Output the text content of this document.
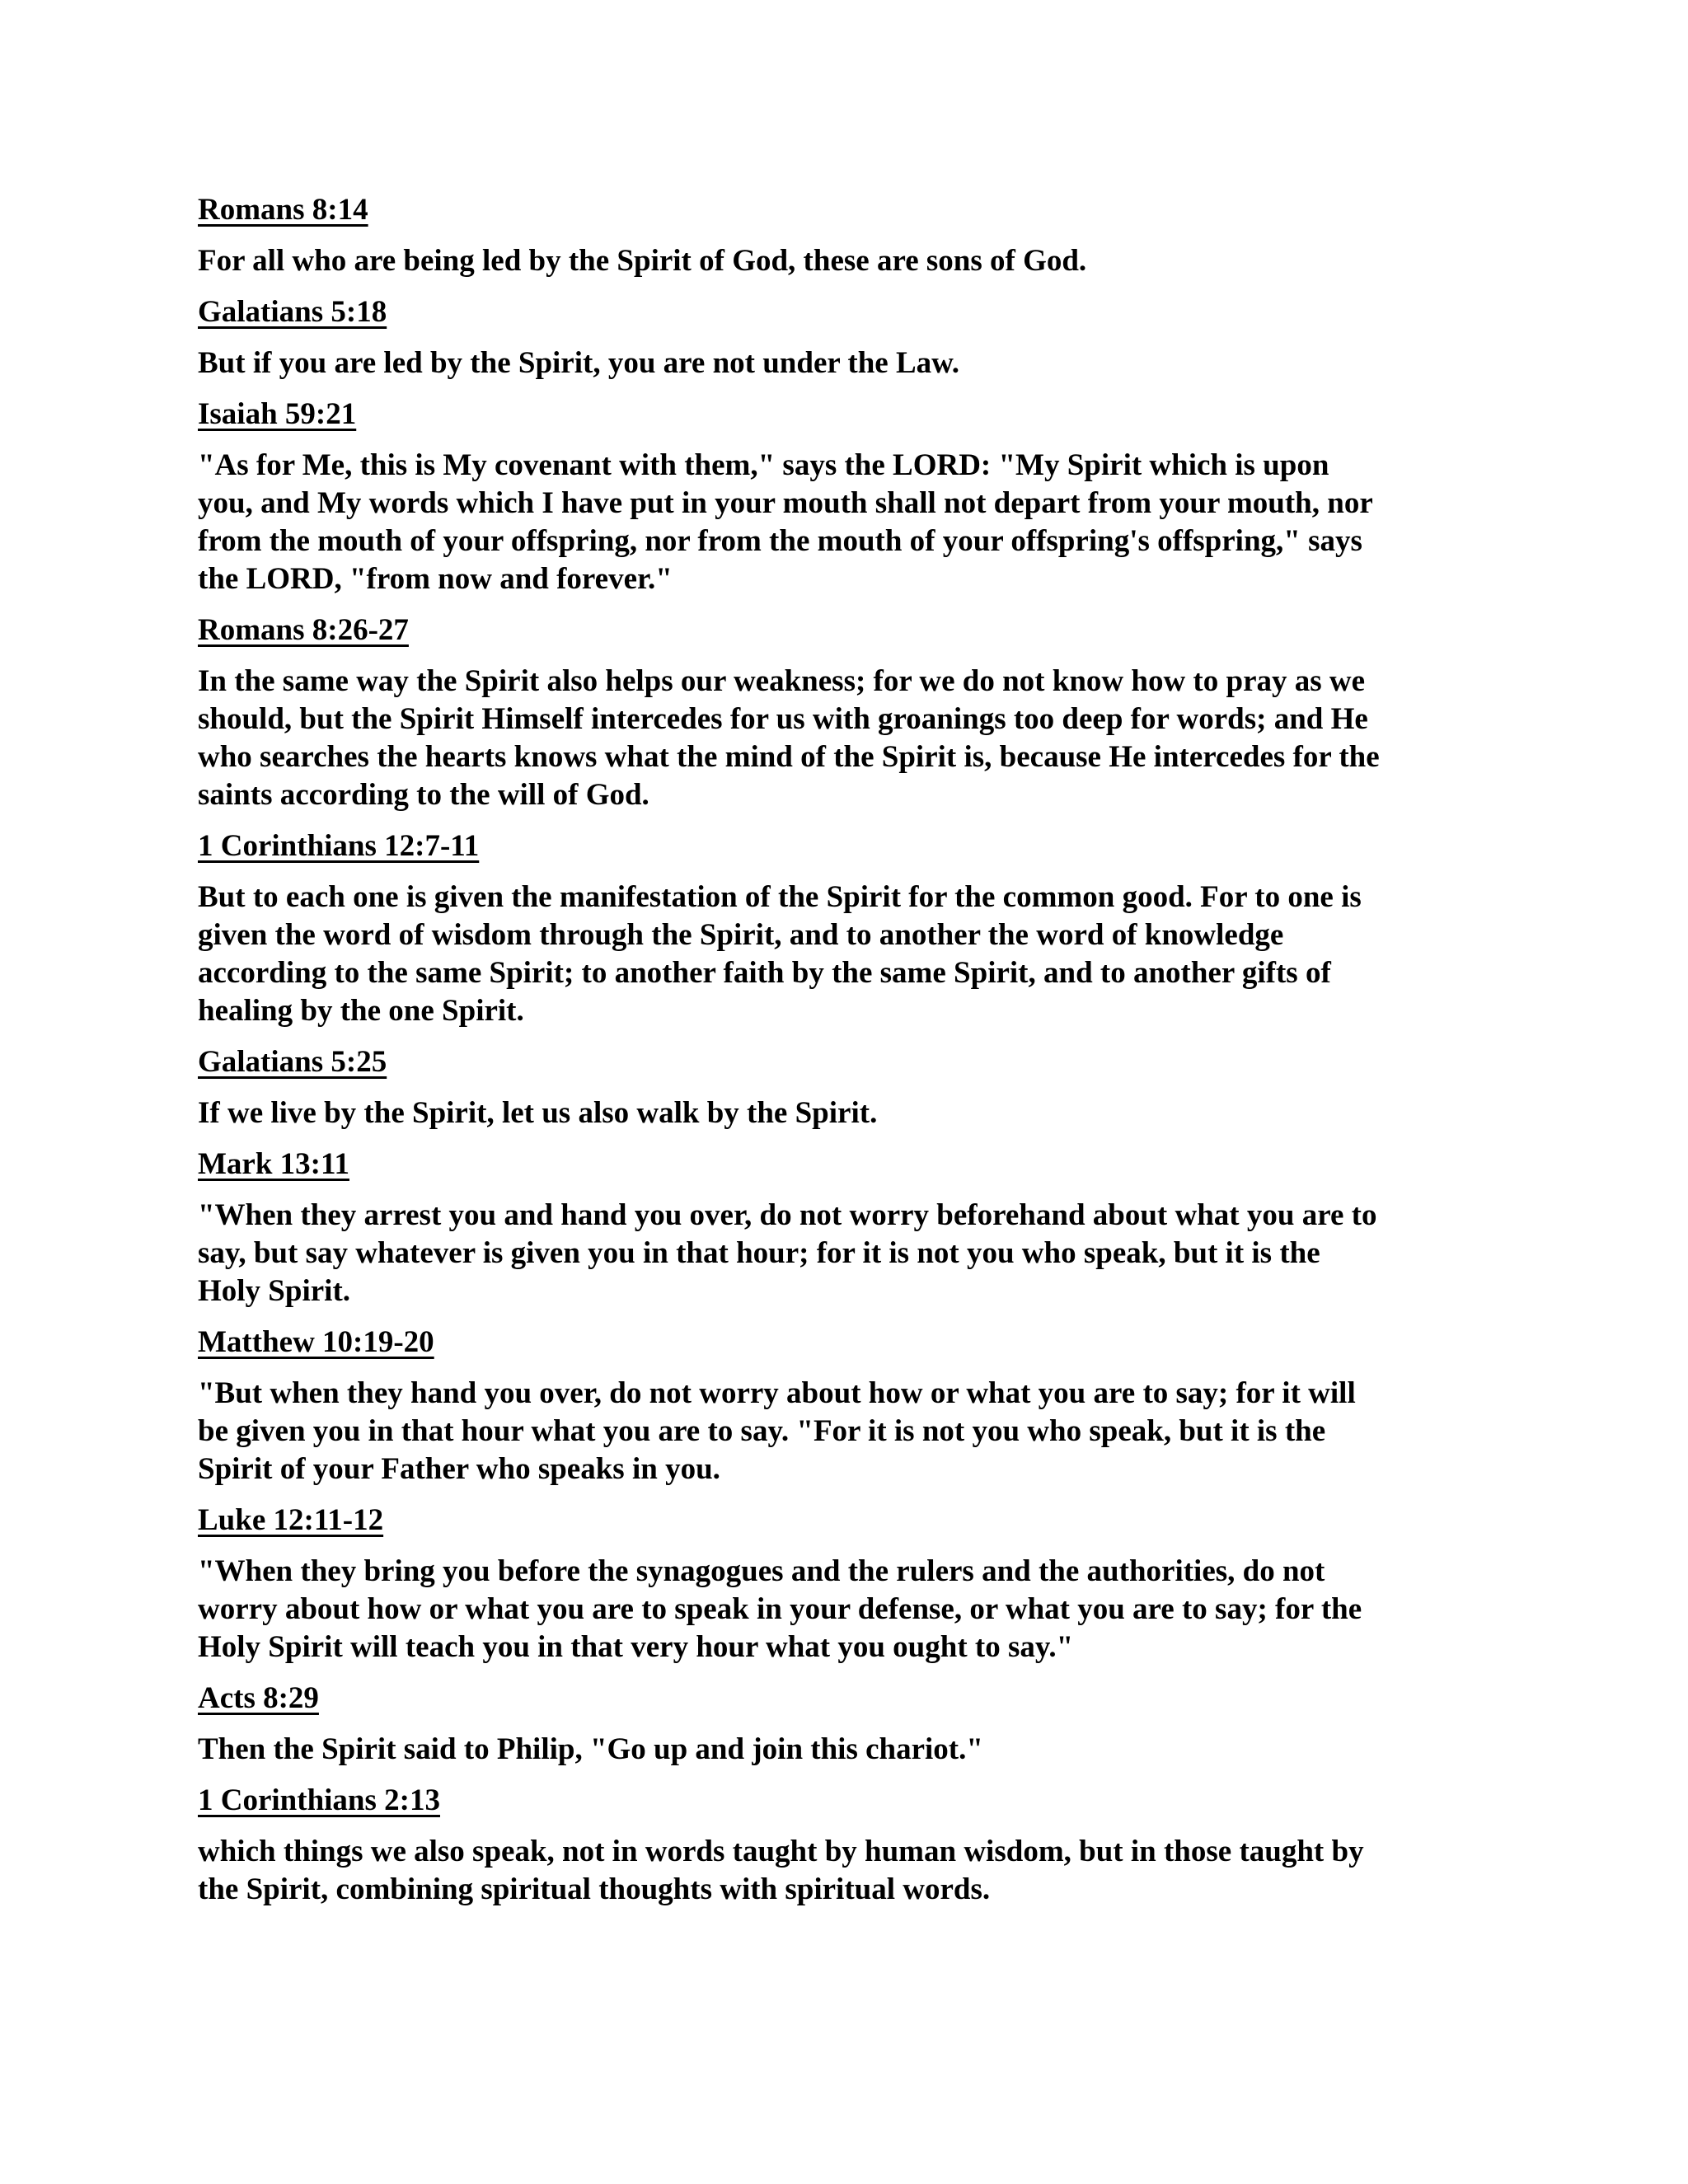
Romans 8:14
For all who are being led by the Spirit of God, these are sons of God.
Galatians 5:18
But if you are led by the Spirit, you are not under the Law.
Isaiah 59:21
"As for Me, this is My covenant with them," says the LORD: "My Spirit which is upon
you, and My words which I have put in your mouth shall not depart from your mouth, nor
from the mouth of your offspring, nor from the mouth of your offspring's offspring," says
the LORD, "from now and forever."
Romans 8:26-27
In the same way the Spirit also helps our weakness; for we do not know how to pray as we
should, but the Spirit Himself intercedes for us with groanings too deep for words; and He
who searches the hearts knows what the mind of the Spirit is, because He intercedes for the
saints according to the will of God.
1 Corinthians 12:7-11
But to each one is given the manifestation of the Spirit for the common good. For to one is
given the word of wisdom through the Spirit, and to another the word of knowledge
according to the same Spirit; to another faith by the same Spirit, and to another gifts of
healing by the one Spirit.
Galatians 5:25
If we live by the Spirit, let us also walk by the Spirit.
Mark 13:11
"When they arrest you and hand you over, do not worry beforehand about what you are to
say, but say whatever is given you in that hour; for it is not you who speak, but it is the
Holy Spirit.
Matthew 10:19-20
"But when they hand you over, do not worry about how or what you are to say; for it will
be given you in that hour what you are to say. "For it is not you who speak, but it is the
Spirit of your Father who speaks in you.
Luke 12:11-12
"When they bring you before the synagogues and the rulers and the authorities, do not
worry about how or what you are to speak in your defense, or what you are to say; for the
Holy Spirit will teach you in that very hour what you ought to say."
Acts 8:29
Then the Spirit said to Philip, "Go up and join this chariot."
1 Corinthians 2:13
which things we also speak, not in words taught by human wisdom, but in those taught by
the Spirit, combining spiritual thoughts with spiritual words.
